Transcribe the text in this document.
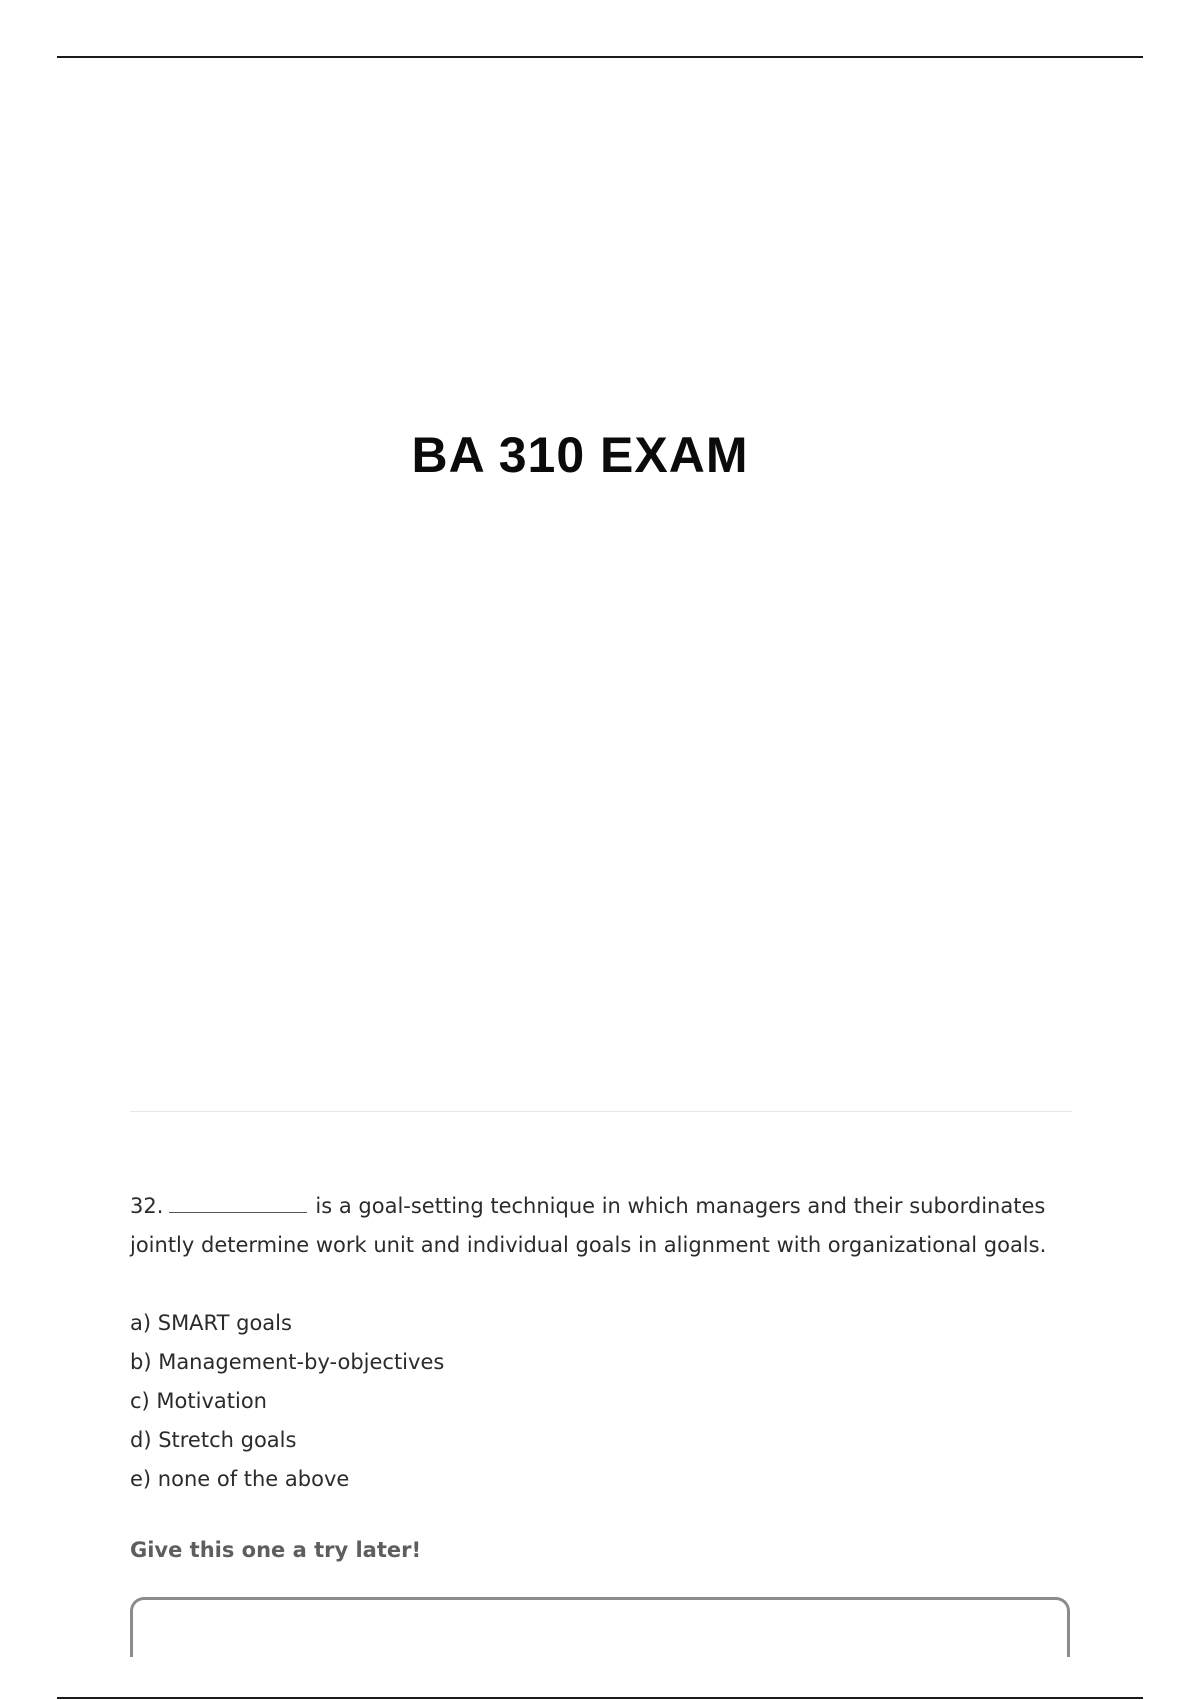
BA 310 EXAM
32.	is a goal-setting technique in which managers and their subordinates jointly determine work unit and individual goals in alignment with organizational goals.
a) SMART goals
b) Management-by-objectives
c) Motivation
d) Stretch goals
e) none of the above
Give this one a try later!
